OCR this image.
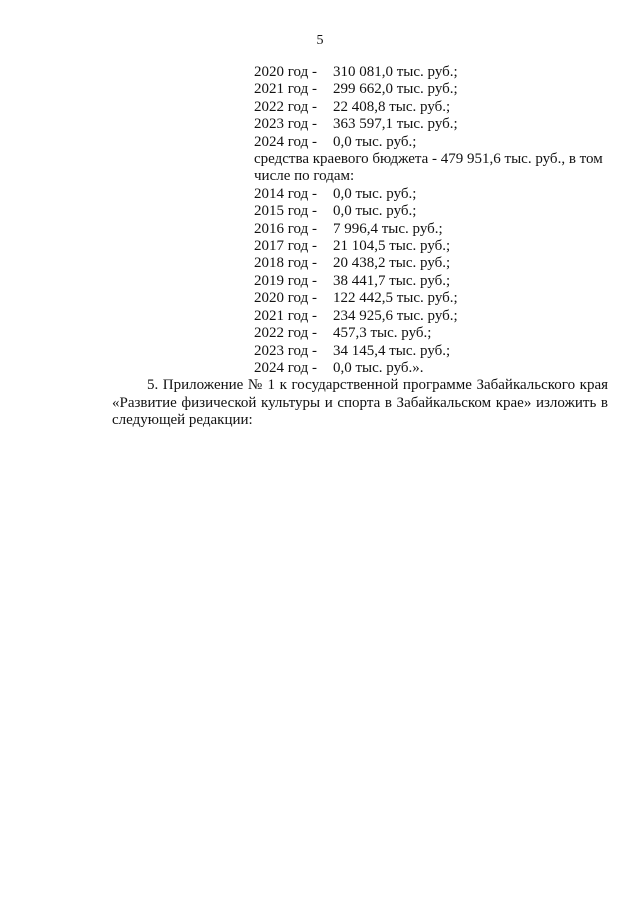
5
2020 год -	310 081,0 тыс. руб.;
2021 год -	299 662,0 тыс. руб.;
2022 год -	22 408,8 тыс. руб.;
2023 год -	363 597,1 тыс. руб.;
2024 год -	0,0 тыс. руб.;
средства краевого бюджета - 479 951,6 тыс. руб., в том числе по годам:
2014 год -	0,0 тыс. руб.;
2015 год -	0,0 тыс. руб.;
2016 год -	7 996,4 тыс. руб.;
2017 год -	21 104,5 тыс. руб.;
2018 год -	20 438,2 тыс. руб.;
2019 год -	38 441,7 тыс. руб.;
2020 год -	122 442,5 тыс. руб.;
2021 год -	234 925,6 тыс. руб.;
2022 год -	457,3 тыс. руб.;
2023 год -	34 145,4 тыс. руб.;
2024 год -	0,0 тыс. руб.».

5. Приложение № 1 к государственной программе Забайкальского края «Развитие физической культуры и спорта в Забайкальском крае» изложить в следующей редакции:
